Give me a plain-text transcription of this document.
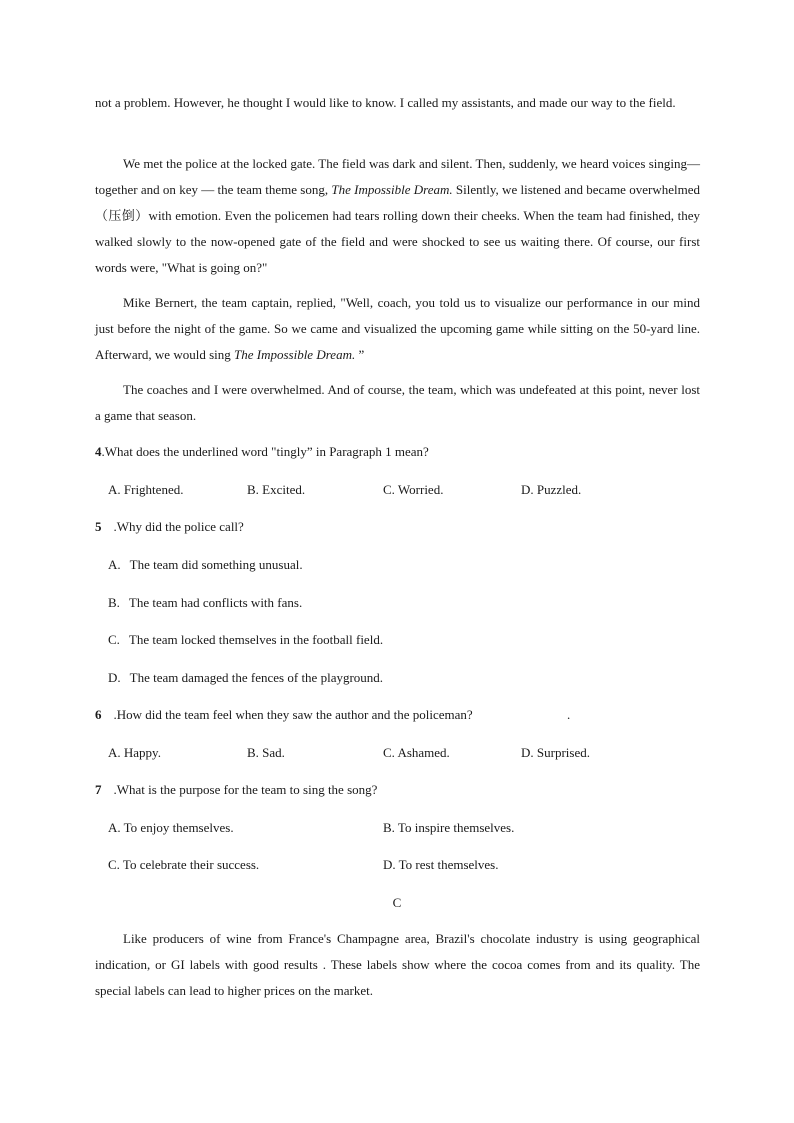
not a problem. However, he thought I would like to know. I called my assistants, and made our way to the field.

We met the police at the locked gate. The field was dark and silent. Then, suddenly, we heard voices singing—together and on key — the team theme song, The Impossible Dream. Silently, we listened and became overwhelmed（压倒）with emotion. Even the policemen had tears rolling down their cheeks. When the team had finished, they walked slowly to the now-opened gate of the field and were shocked to see us waiting there. Of course, our first words were, "What is going on?"

Mike Bernert, the team captain, replied, "Well, coach, you told us to visualize our performance in our mind just before the night of the game. So we came and visualized the upcoming game while sitting on the 50-yard line. Afterward, we would sing The Impossible Dream. ”

The coaches and I were overwhelmed. And of course, the team, which was undefeated at this point, never lost a game that season.

4.What does the underlined word "tingly” in Paragraph 1 mean?
A. Frightened.	B. Excited.	C. Worried.	D. Puzzled.
5 .Why did the police call?
A. The team did something unusual.
B. The team had conflicts with fans.
C. The team locked themselves in the football field.
D. The team damaged the fences of the playground.
6 .How did the team feel when they saw the author and the policeman?	.
A. Happy.	B. Sad.	C. Ashamed.	D. Surprised.
7 .What is the purpose for the team to sing the song?
A. To enjoy themselves.	B. To inspire themselves.
C. To celebrate their success.	D. To rest themselves.
C

Like producers of wine from France's Champagne area, Brazil's chocolate industry is using geographical indication, or GI labels with good results . These labels show where the cocoa comes from and its quality. The special labels can lead to higher prices on the market.
